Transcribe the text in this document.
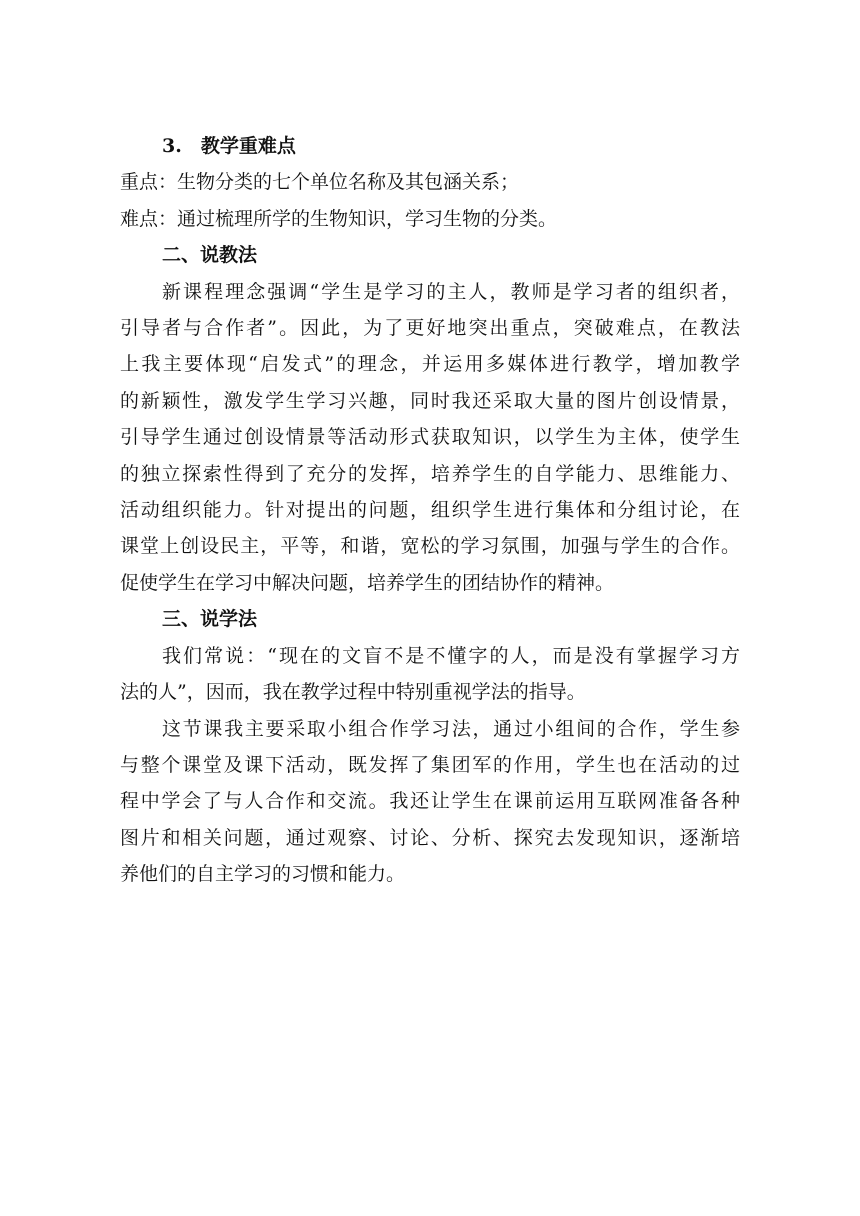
3.　教学重难点

重点：生物分类的七个单位名称及其包涵关系；

难点：通过梳理所学的生物知识，学习生物的分类。

二、说教法

新课程理念强调“学生是学习的主人，教师是学习者的组织者，
引导者与合作者”。因此，为了更好地突出重点，突破难点，在教法
上我主要体现“启发式”的理念，并运用多媒体进行教学，增加教学
的新颖性，激发学生学习兴趣，同时我还采取大量的图片创设情景，
引导学生通过创设情景等活动形式获取知识，以学生为主体，使学生
的独立探索性得到了充分的发挥，培养学生的自学能力、思维能力、
活动组织能力。针对提出的问题，组织学生进行集体和分组讨论，在
课堂上创设民主，平等，和谐，宽松的学习氛围，加强与学生的合作。
促使学生在学习中解决问题，培养学生的团结协作的精神。

三、说学法

我们常说：“现在的文盲不是不懂字的人，而是没有掌握学习方
法的人”，因而，我在教学过程中特别重视学法的指导。
这节课我主要采取小组合作学习法，通过小组间的合作，学生参
与整个课堂及课下活动，既发挥了集团军的作用，学生也在活动的过
程中学会了与人合作和交流。我还让学生在课前运用互联网准备各种
图片和相关问题，通过观察、讨论、分析、探究去发现知识，逐渐培
养他们的自主学习的习惯和能力。
